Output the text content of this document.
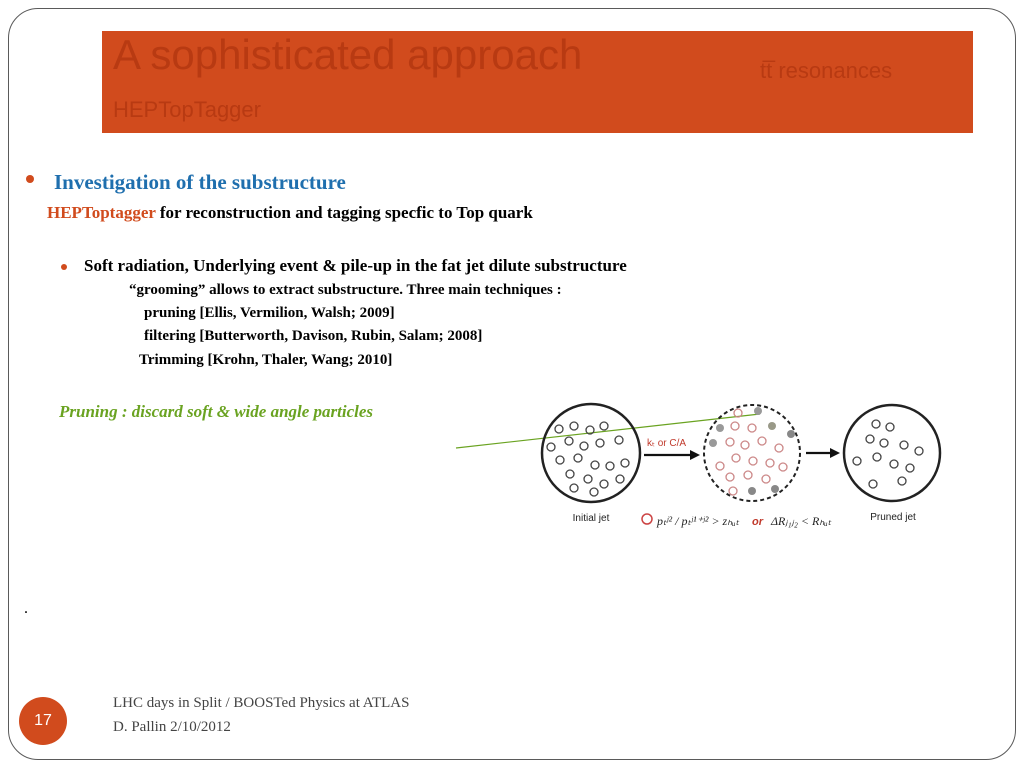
A sophisticated approach	tt̅ resonances
HEPTopTagger
Investigation of the substructure
HEPToptagger for reconstruction and tagging specfic to Top quark
Soft radiation, Underlying event & pile-up in the fat jet dilute substructure
“grooming” allows to extract substructure. Three main techniques :
pruning [Ellis, Vermilion, Walsh; 2009]
filtering [Butterworth, Davison, Rubin, Salam; 2008]
Trimming [Krohn, Thaler, Wang; 2010]
Pruning : discard soft & wide angle particles
.
Initial jet
kₜ or C/A
Pruned jet
pₜʲ² / pₜʲ¹⁺ʲ² > zₕᵤₜ or ΔRⱼ₁ⱼ₂ < Rₕᵤₜ
17
LHC days in Split / BOOSTed Physics at ATLAS
D. Pallin 2/10/2012
